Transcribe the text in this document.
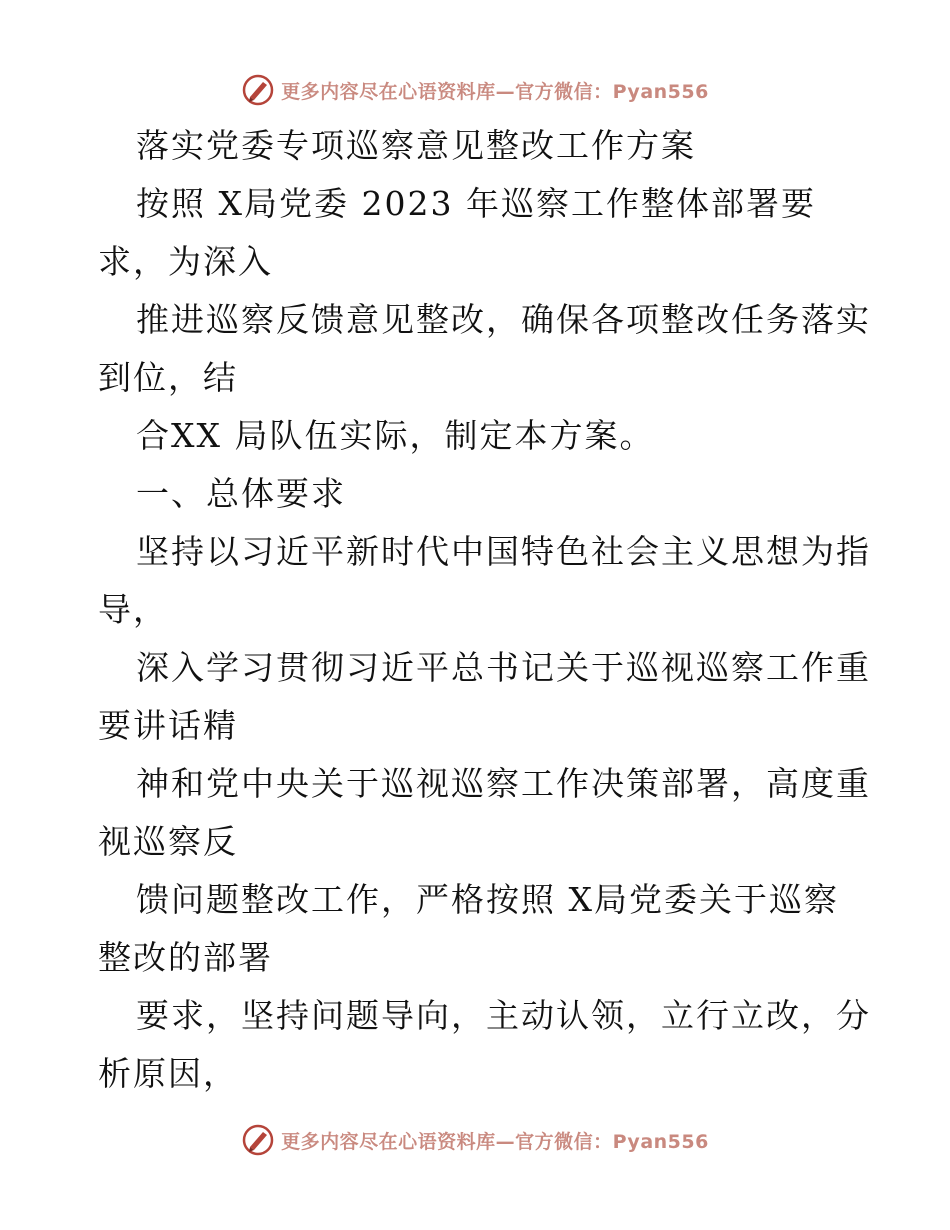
更多内容尽在心语资料库—官方微信：Pyan556
落实党委专项巡察意见整改工作方案
按照 X局党委 2023 年巡察工作整体部署要
求，为深入
推进巡察反馈意见整改，确保各项整改任务落实
到位，结
合XX 局队伍实际，制定本方案。
一、总体要求
坚持以习近平新时代中国特色社会主义思想为指
导，
深入学习贯彻习近平总书记关于巡视巡察工作重
要讲话精
神和党中央关于巡视巡察工作决策部署，高度重
视巡察反
馈问题整改工作，严格按照 X局党委关于巡察
整改的部署
要求，坚持问题导向，主动认领，立行立改，分
析原因，
更多内容尽在心语资料库—官方微信：Pyan556
